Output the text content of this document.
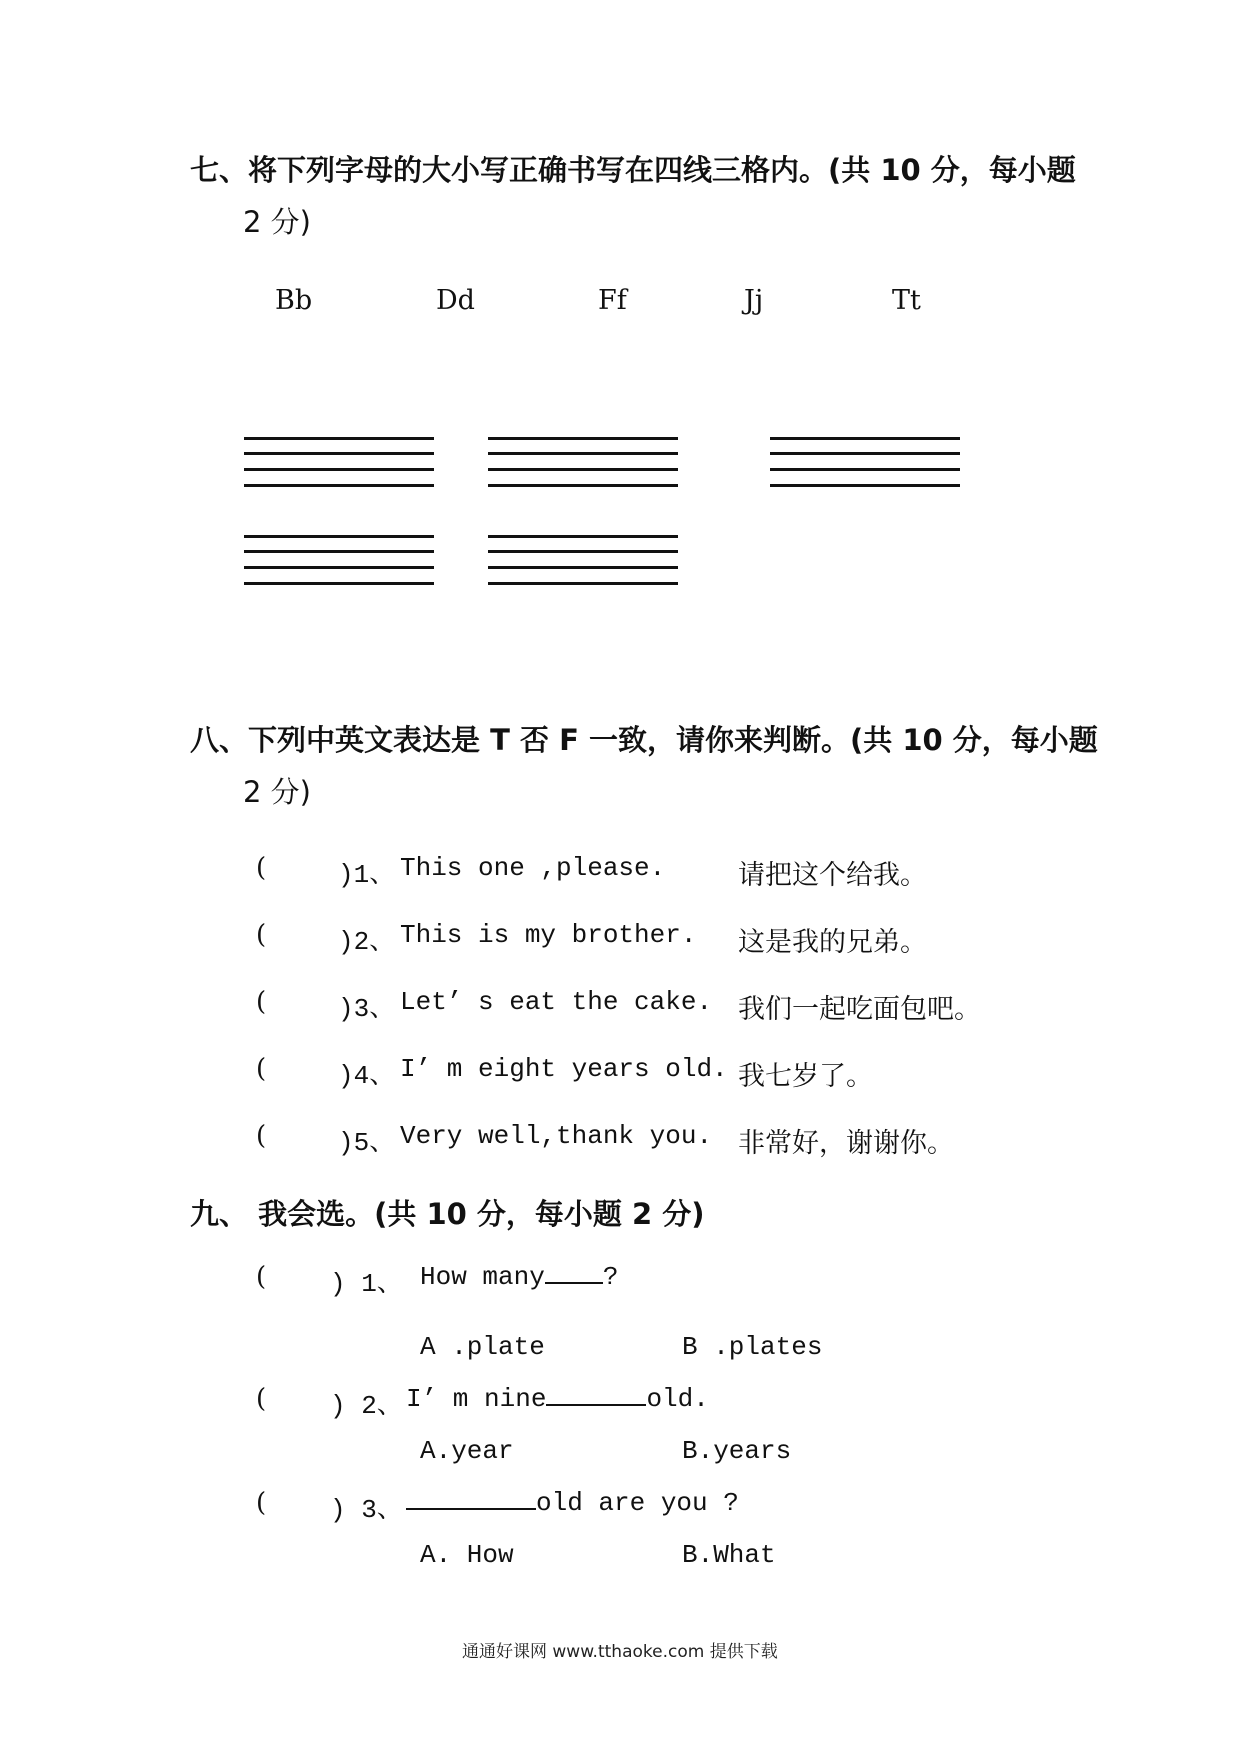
七、将下列字母的大小写正确书写在四线三格内。(共 10 分，每小题
2 分)
Bb	Dd	Ff	Jj	Tt
八、下列中英文表达是 T 否 F 一致，请你来判断。(共 10 分，每小题
2 分)
(	)1、 This one ,please.	请把这个给我。
(	)2、 This is my brother. 这是我的兄弟。
(	)3、 Let’ s eat the cake. 我们一起吃面包吧。
(	)4、 I’ m eight years old. 我七岁了。
(	)5、 Very well,thank you. 非常好，谢谢你。
九、 我会选。(共 10 分，每小题 2 分)
( ) 1、 How many ?
A .plate	B .plates
( ) 2、 I’ m nine	old.
A.year	B.years
( ) 3、	old are you ?
A. How	B.What
通通好课网 www.tthaoke.com 提供下载
